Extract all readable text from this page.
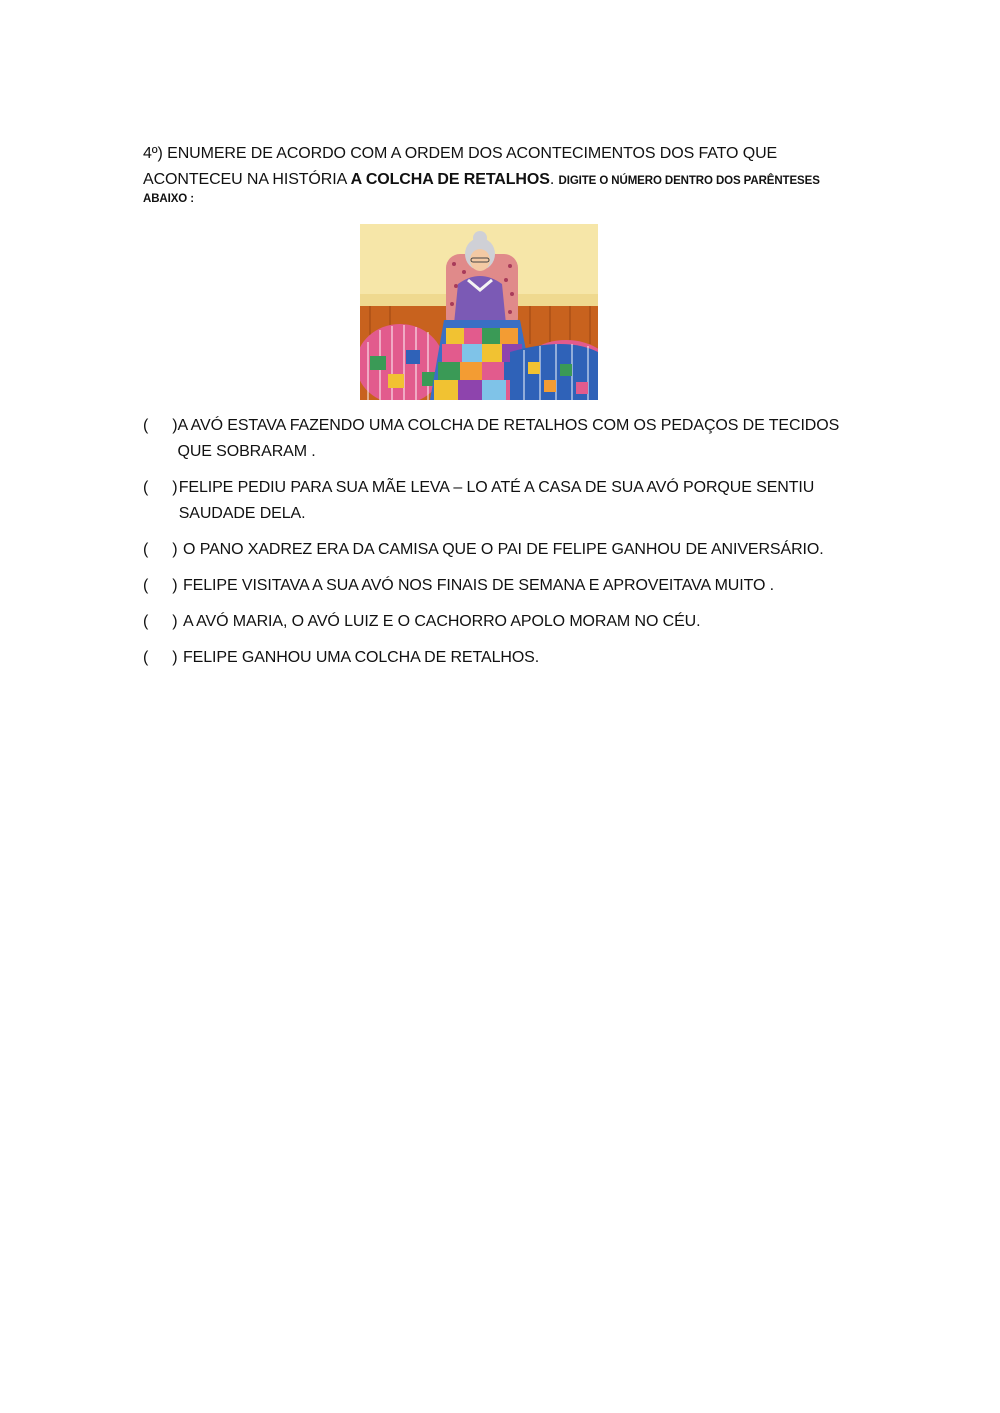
4º) ENUMERE DE ACORDO COM A ORDEM DOS ACONTECIMENTOS DOS FATO QUE ACONTECEU NA HISTÓRIA A COLCHA DE RETALHOS. DIGITE O NÚMERO DENTRO DOS PARÊNTESES
ABAIXO :
( ) A AVÓ ESTAVA FAZENDO UMA COLCHA DE RETALHOS COM OS PEDAÇOS DE TECIDOS QUE SOBRARAM .
( ) FELIPE PEDIU PARA SUA MÃE LEVA – LO ATÉ A CASA DE SUA AVÓ PORQUE SENTIU SAUDADE DELA.
( ) O PANO XADREZ ERA DA CAMISA QUE O PAI DE FELIPE GANHOU DE ANIVERSÁRIO.
( ) FELIPE VISITAVA A SUA AVÓ NOS FINAIS DE SEMANA E APROVEITAVA MUITO .
( ) A AVÓ MARIA, O AVÓ LUIZ E O CACHORRO APOLO MORAM NO CÉU.
( ) FELIPE GANHOU UMA COLCHA DE RETALHOS.
